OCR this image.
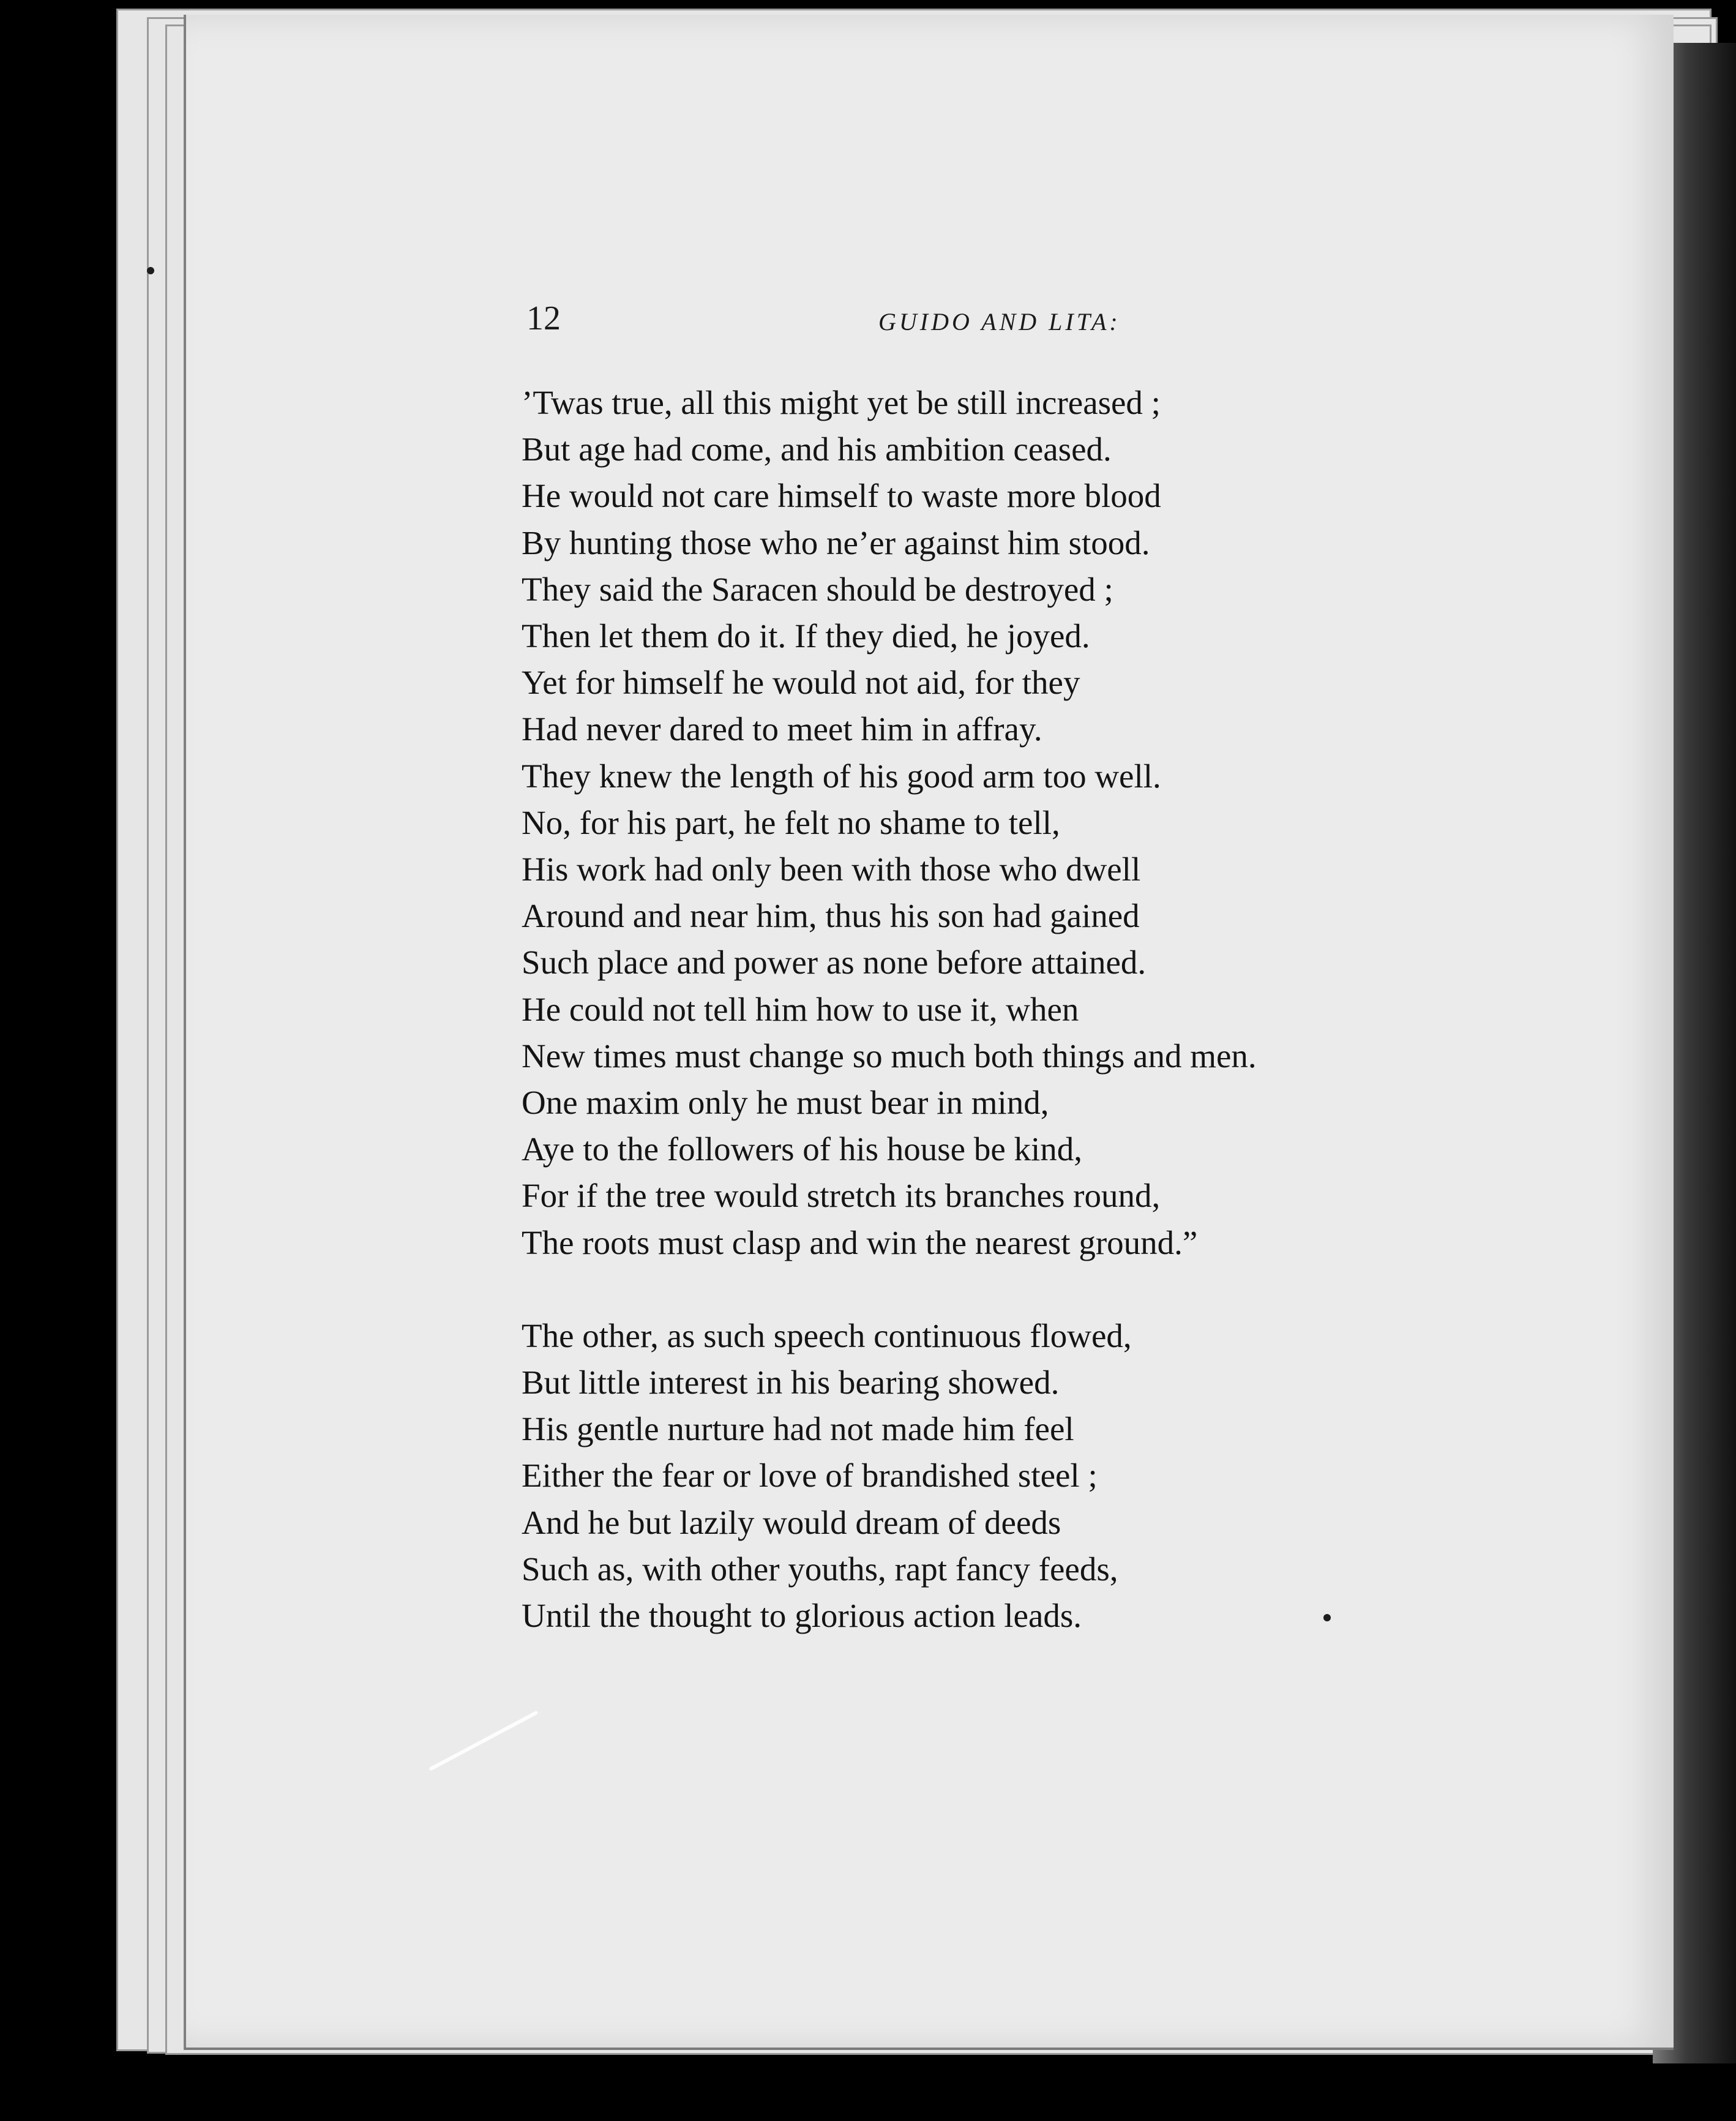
12	GUIDO AND LITA:
’Twas true, all this might yet be still increased ;
But age had come, and his ambition ceased.
He would not care himself to waste more blood
By hunting those who ne’er against him stood.
They said the Saracen should be destroyed ;
Then let them do it. If they died, he joyed.
Yet for himself he would not aid, for they
Had never dared to meet him in affray.
They knew the length of his good arm too well.
No, for his part, he felt no shame to tell,
His work had only been with those who dwell
Around and near him, thus his son had gained
Such place and power as none before attained.
He could not tell him how to use it, when
New times must change so much both things and men.
One maxim only he must bear in mind,
Aye to the followers of his house be kind,
For if the tree would stretch its branches round,
The roots must clasp and win the nearest ground.”
The other, as such speech continuous flowed,
But little interest in his bearing showed.
His gentle nurture had not made him feel
Either the fear or love of brandished steel ;
And he but lazily would dream of deeds
Such as, with other youths, rapt fancy feeds,
Until the thought to glorious action leads.
